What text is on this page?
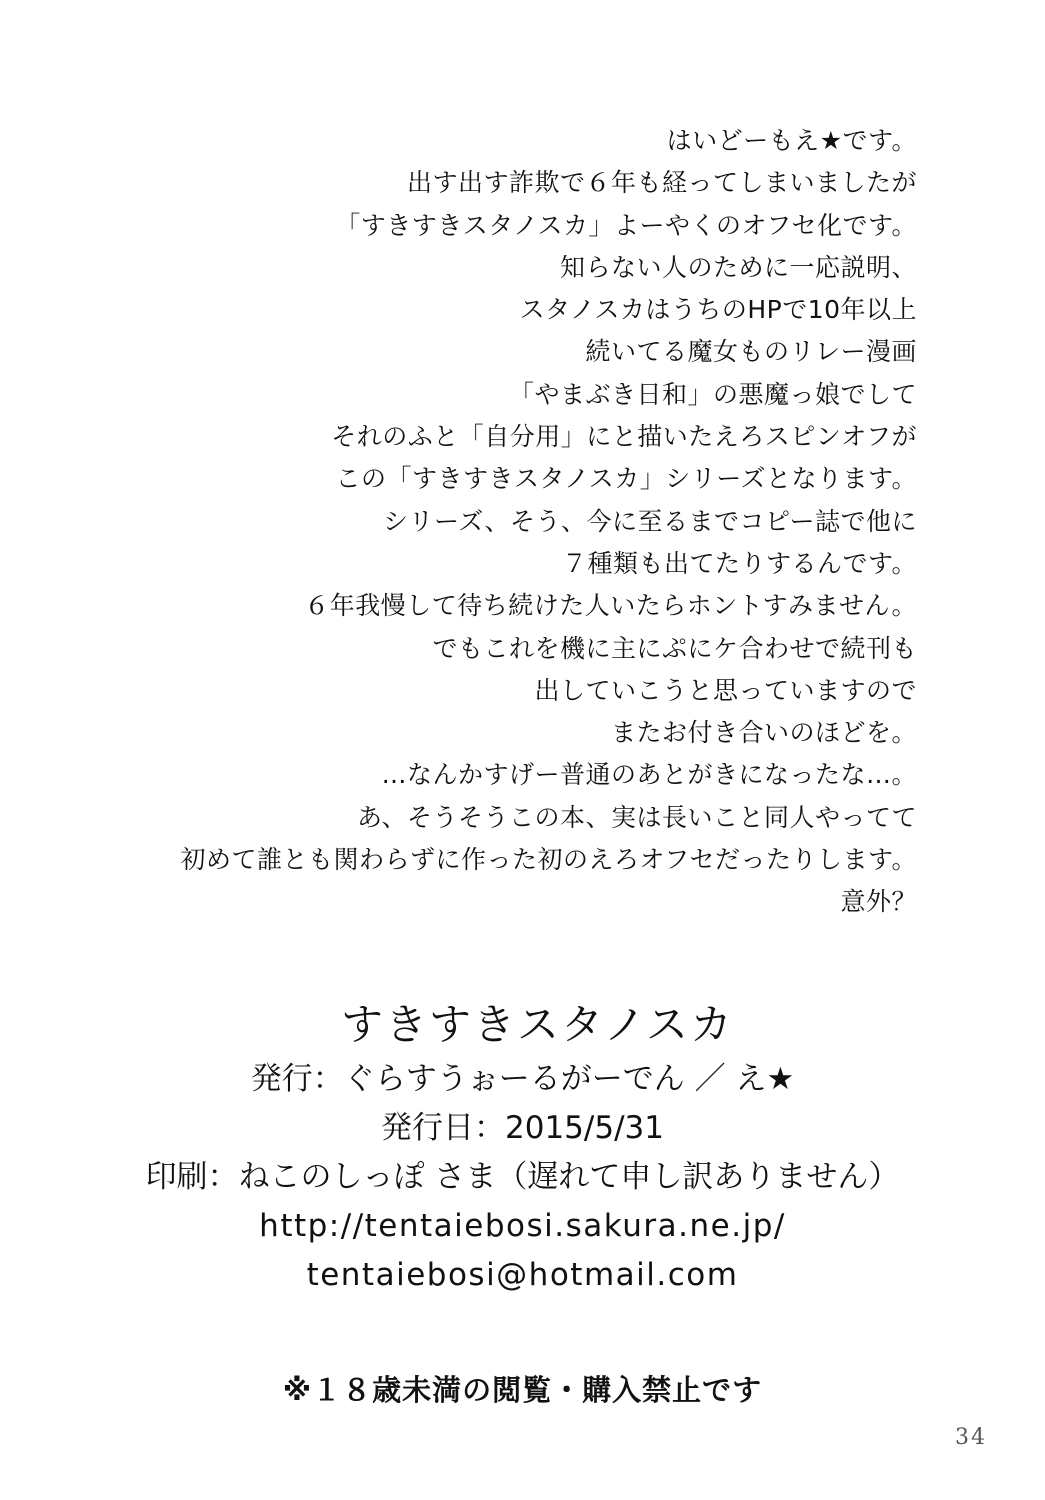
はいどーもえ★です。
出す出す詐欺で６年も経ってしまいましたが
「すきすきスタノスカ」よーやくのオフセ化です。
知らない人のために一応説明、
スタノスカはうちのHPで10年以上
続いてる魔女ものリレー漫画
「やまぶき日和」の悪魔っ娘でして
それのふと「自分用」にと描いたえろスピンオフが
この「すきすきスタノスカ」シリーズとなります。
シリーズ、そう、今に至るまでコピー誌で他に
７種類も出てたりするんです。
６年我慢して待ち続けた人いたらホントすみません。
でもこれを機に主にぷにケ合わせで続刊も
出していこうと思っていますので
またお付き合いのほどを。
…なんかすげー普通のあとがきになったな…。
あ、そうそうこの本、実は長いこと同人やってて
初めて誰とも関わらずに作った初のえろオフセだったりします。
意外？
すきすきスタノスカ
発行：ぐらすうぉーるがーでん ／ え★
発行日：2015/5/31
印刷：ねこのしっぽ さま（遅れて申し訳ありません）
http://tentaiebosi.sakura.ne.jp/
tentaiebosi@hotmail.com
※１８歳未満の閲覧・購入禁止です
34
